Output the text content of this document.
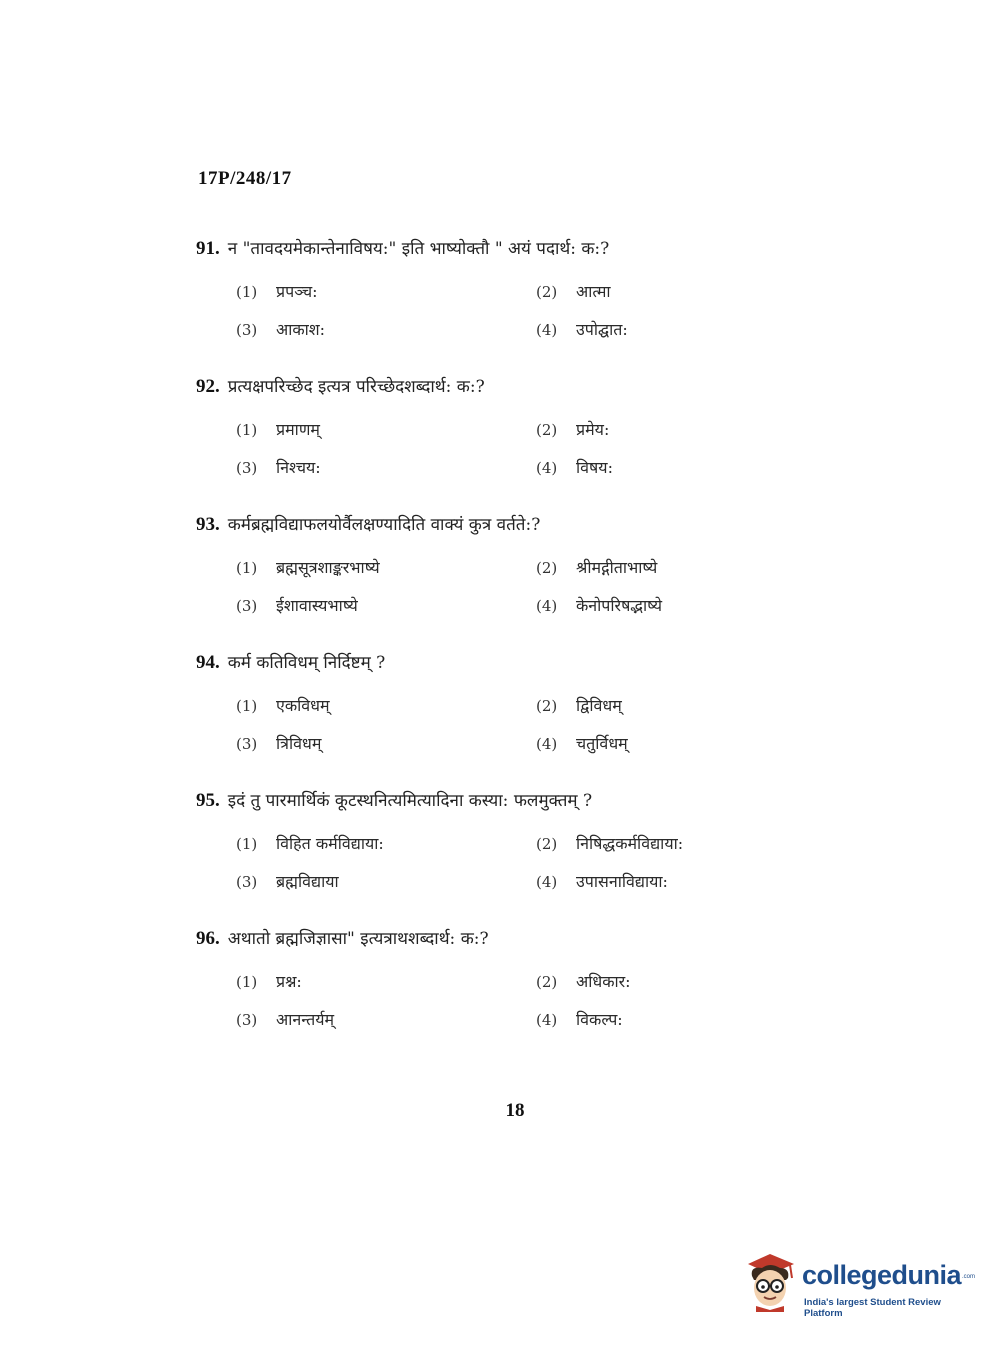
17P/248/17
91. न "तावदयमेकान्तेनाविषय:" इति भाष्योक्तौ " अयं पदार्थ: क:?
(1) प्रपञ्च:	(2) आत्मा
(3) आकाश:	(4) उपोद्घात:
92. प्रत्यक्षपरिच्छेद इत्यत्र परिच्छेदशब्दार्थ: क:?
(1) प्रमाणम्	(2) प्रमेय:
(3) निश्चय:	(4) विषय:
93. कर्मब्रह्मविद्याफलयोर्वैलक्षण्यादिति वाक्यं कुत्र वर्तते:?
(1) ब्रह्मसूत्रशाङ्करभाष्ये	(2) श्रीमद्गीताभाष्ये
(3) ईशावास्यभाष्ये	(4) केनोपरिषद्भाष्ये
94. कर्म कतिविधम् निर्दिष्टम् ?
(1) एकविधम्	(2) द्विविधम्
(3) त्रिविधम्	(4) चतुर्विधम्
95. इदं तु पारमार्थिकं कूटस्थनित्यमित्यादिना कस्या: फलमुक्तम् ?
(1) विहित कर्मविद्याया:	(2) निषिद्धकर्मविद्याया:
(3) ब्रह्मविद्याया	(4) उपासनाविद्याया:
96. अथातो ब्रह्मजिज्ञासा" इत्यत्राथशब्दार्थ: क:?
(1) प्रश्न:	(2) अधिकार:
(3) आनन्तर्यम्	(4) विकल्प:
18
collegedunia .com
India's largest Student Review Platform
